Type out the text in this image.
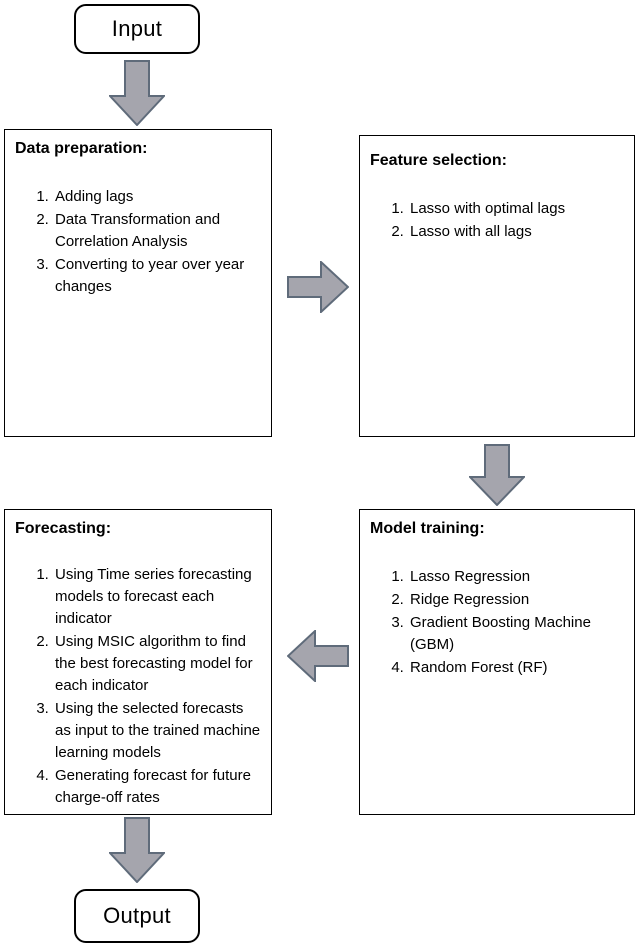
Input
Data preparation:
1. Adding lags
2. Data Transformation and Correlation Analysis
3. Converting to year over year changes
Feature selection:
1. Lasso with optimal lags
2. Lasso with all lags
Model training:
1. Lasso Regression
2. Ridge Regression
3. Gradient Boosting Machine (GBM)
4. Random Forest (RF)
Forecasting:
1. Using Time series forecasting models to forecast each indicator
2. Using MSIC algorithm to find the best forecasting model for each indicator
3. Using the selected forecasts as input to the trained machine learning models
4. Generating forecast for future charge-off rates
Output
